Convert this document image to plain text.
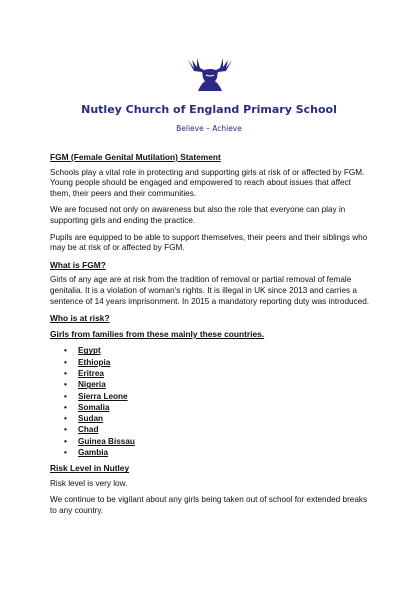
Nutley Church of England Primary School

Believe – Achieve

FGM (Female Genital Mutilation) Statement

Schools play a vital role in protecting and supporting girls at risk of or affected by FGM. Young people should be engaged and empowered to reach about issues that affect them, their peers and their communities.

We are focused not only on awareness but also the role that everyone can play in supporting girls and ending the practice.

Pupils are equipped to be able to support themselves, their peers and their siblings who may be at risk of or affected by FGM.

What is FGM?

Girls of any age are at risk from the tradition of removal or partial removal of female genitalia. It is a violation of woman's rights. It is illegal in UK since 2013 and carries a sentence of 14 years imprisonment. In 2015 a mandatory reporting duty was introduced.

Who is at risk?
Girls from families from these mainly these countries.
• Egypt
• Ethiopia
• Eritrea
• Nigeria
• Sierra Leone
• Somalia
• Sudan
• Chad
• Guinea Bissau
• Gambia
Risk Level in Nutley

Risk level is very low.

We continue to be vigilant about any girls being taken out of school for extended breaks to any country.
